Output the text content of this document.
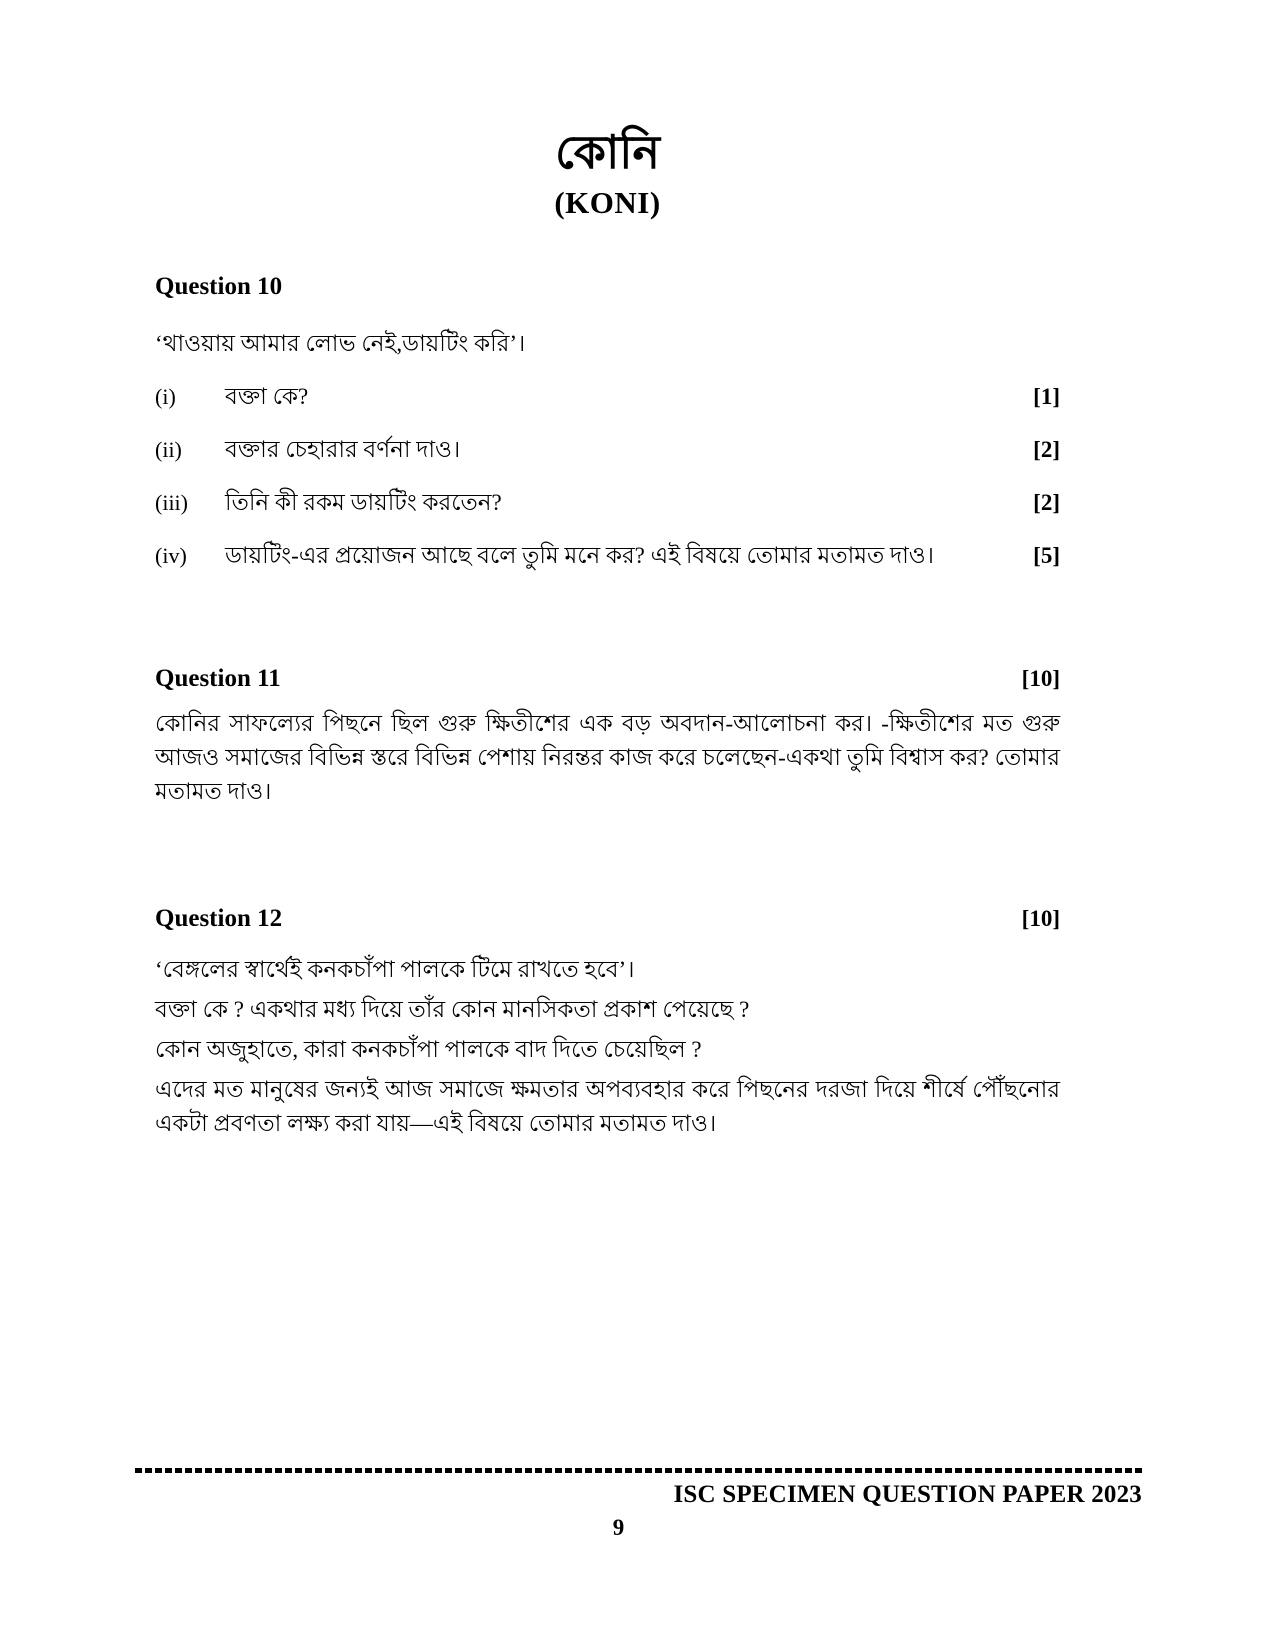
কোনি
(KONI)
Question 10

‘থাওয়ায় আমার লোভ নেই,ডায়টিং করি’।

(i)	বক্তা কে?	[1]
(ii)	বক্তার চেহারার বর্ণনা দাও।	[2]
(iii)	তিনি কী রকম ডায়টিং করতেন?	[2]
(iv)	ডায়টিং-এর প্রয়োজন আছে বলে তুমি মনে কর? এই বিষয়ে তোমার মতামত দাও।	[5]
Question 11	[10]

কোনির সাফল্যের পিছনে ছিল গুরু ক্ষিতীশের এক বড় অবদান-আলোচনা কর। -ক্ষিতীশের মত গুরু আজও সমাজের বিভিন্ন স্তরে বিভিন্ন পেশায় নিরন্তর কাজ করে চলেছেন-একথা তুমি বিশ্বাস কর? তোমার মতামত দাও।

Question 12	[10]

‘বেঙ্গলের স্বার্থেই কনকচাঁপা পালকে টিমে রাখতে হবে’।

বক্তা কে ? একথার মধ্য দিয়ে তাঁর কোন মানসিকতা প্রকাশ পেয়েছে ?

কোন অজুহাতে, কারা কনকচাঁপা পালকে বাদ দিতে চেয়েছিল ?

এদের মত মানুষের জন্যই আজ সমাজে ক্ষমতার অপব্যবহার করে পিছনের দরজা দিয়ে শীর্ষে পৌঁছনোর একটা প্রবণতা লক্ষ্য করা যায়—এই বিষয়ে তোমার মতামত দাও।

ISC SPECIMEN QUESTION PAPER 2023
9
